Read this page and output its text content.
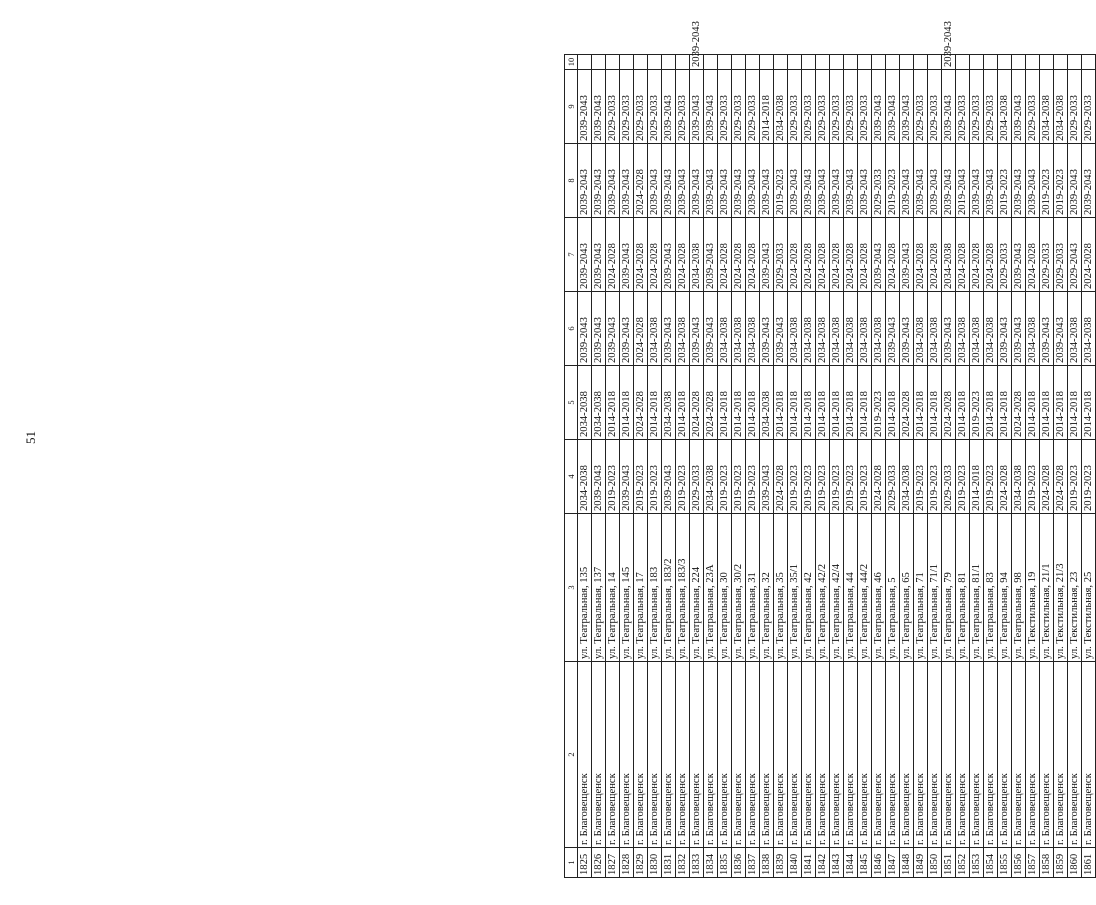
51
1	2	3	4	5	6	7	8	9	10
1825	г. Благовещенск	ул. Театральная, 135	2034-2038	2034-2038	2039-2043	2039-2043	2039-2043	2039-2043	
1826	г. Благовещенск	ул. Театральная, 137	2039-2043	2034-2038	2039-2043	2039-2043	2039-2043	2039-2043	
1827	г. Благовещенск	ул. Театральная, 14	2019-2023	2014-2018	2039-2043	2024-2028	2039-2043	2029-2033	
1828	г. Благовещенск	ул. Театральная, 145	2039-2043	2014-2018	2039-2043	2039-2043	2039-2043	2029-2033	
1829	г. Благовещенск	ул. Театральная, 17	2019-2023	2024-2028	2024-2028	2024-2028	2024-2028	2029-2033	
1830	г. Благовещенск	ул. Театральная, 183	2019-2023	2014-2018	2034-2038	2024-2028	2039-2043	2029-2033	
1831	г. Благовещенск	ул. Театральная, 183/2	2039-2043	2034-2038	2039-2043	2039-2043	2039-2043	2039-2043	
1832	г. Благовещенск	ул. Театральная, 183/3	2019-2023	2014-2018	2034-2038	2024-2028	2039-2043	2029-2033	
1833	г. Благовещенск	ул. Театральная, 224	2029-2033	2024-2028	2039-2043	2034-2038	2039-2043	2039-2043	2039-2043
1834	г. Благовещенск	ул. Театральная, 23А	2034-2038	2024-2028	2039-2043	2039-2043	2039-2043	2039-2043	
1835	г. Благовещенск	ул. Театральная, 30	2019-2023	2014-2018	2034-2038	2024-2028	2039-2043	2029-2033	
1836	г. Благовещенск	ул. Театральная, 30/2	2019-2023	2014-2018	2034-2038	2024-2028	2039-2043	2029-2033	
1837	г. Благовещенск	ул. Театральная, 31	2019-2023	2014-2018	2034-2038	2024-2028	2039-2043	2029-2033	
1838	г. Благовещенск	ул. Театральная, 32	2039-2043	2034-2038	2039-2043	2039-2043	2039-2043	2014-2018	
1839	г. Благовещенск	ул. Театральная, 35	2024-2028	2014-2018	2039-2043	2029-2033	2019-2023	2034-2038	
1840	г. Благовещенск	ул. Театральная, 35/1	2019-2023	2014-2018	2034-2038	2024-2028	2039-2043	2029-2033	
1841	г. Благовещенск	ул. Театральная, 42	2019-2023	2014-2018	2034-2038	2024-2028	2039-2043	2029-2033	
1842	г. Благовещенск	ул. Театральная, 42/2	2019-2023	2014-2018	2034-2038	2024-2028	2039-2043	2029-2033	
1843	г. Благовещенск	ул. Театральная, 42/4	2019-2023	2014-2018	2034-2038	2024-2028	2039-2043	2029-2033	
1844	г. Благовещенск	ул. Театральная, 44	2019-2023	2014-2018	2034-2038	2024-2028	2039-2043	2029-2033	
1845	г. Благовещенск	ул. Театральная, 44/2	2019-2023	2014-2018	2034-2038	2024-2028	2039-2043	2029-2033	
1846	г. Благовещенск	ул. Театральная, 46	2024-2028	2019-2023	2034-2038	2039-2043	2029-2033	2039-2043	
1847	г. Благовещенск	ул. Театральная, 5	2029-2033	2014-2018	2039-2043	2024-2028	2019-2023	2039-2043	
1848	г. Благовещенск	ул. Театральная, 65	2034-2038	2024-2028	2039-2043	2039-2043	2039-2043	2039-2043	
1849	г. Благовещенск	ул. Театральная, 71	2019-2023	2014-2018	2034-2038	2024-2028	2039-2043	2029-2033	
1850	г. Благовещенск	ул. Театральная, 71/1	2019-2023	2014-2018	2034-2038	2024-2028	2039-2043	2029-2033	
1851	г. Благовещенск	ул. Театральная, 79	2029-2033	2024-2028	2039-2043	2034-2038	2039-2043	2039-2043	2039-2043
1852	г. Благовещенск	ул. Театральная, 81	2019-2023	2014-2018	2034-2038	2024-2028	2019-2043	2029-2033	
1853	г. Благовещенск	ул. Театральная, 81/1	2014-2018	2019-2023	2034-2038	2024-2028	2039-2043	2029-2033	
1854	г. Благовещенск	ул. Театральная, 83	2019-2023	2014-2018	2034-2038	2024-2028	2039-2043	2029-2033	
1855	г. Благовещенск	ул. Театральная, 94	2024-2028	2014-2018	2039-2043	2029-2033	2019-2023	2034-2038	
1856	г. Благовещенск	ул. Театральная, 98	2034-2038	2024-2028	2039-2043	2039-2043	2039-2043	2039-2043	
1857	г. Благовещенск	ул. Текстильная, 19	2019-2023	2014-2018	2034-2038	2024-2028	2039-2043	2029-2033	
1858	г. Благовещенск	ул. Текстильная, 21/1	2024-2028	2014-2018	2039-2043	2029-2033	2019-2023	2034-2038	
1859	г. Благовещенск	ул. Текстильная, 21/3	2024-2028	2014-2018	2039-2043	2029-2033	2019-2023	2034-2038	
1860	г. Благовещенск	ул. Текстильная, 23	2019-2023	2014-2018	2034-2038	2029-2043	2039-2043	2029-2033	
1861	г. Благовещенск	ул. Текстильная, 25	2019-2023	2014-2018	2034-2038	2024-2028	2039-2043	2029-2033	
